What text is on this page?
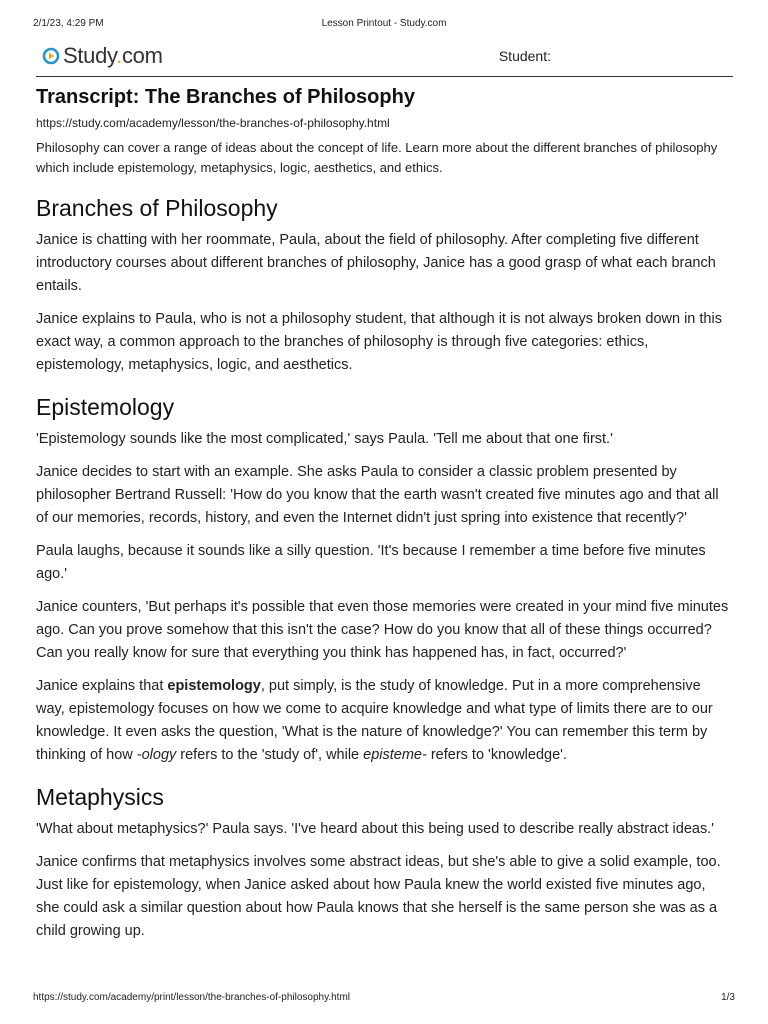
2/1/23, 4:29 PM	Lesson Printout - Study.com
Study.com	Student:
Transcript: The Branches of Philosophy
https://study.com/academy/lesson/the-branches-of-philosophy.html
Philosophy can cover a range of ideas about the concept of life. Learn more about the different branches of philosophy which include epistemology, metaphysics, logic, aesthetics, and ethics.
Branches of Philosophy

Janice is chatting with her roommate, Paula, about the field of philosophy. After completing five different introductory courses about different branches of philosophy, Janice has a good grasp of what each branch entails.

Janice explains to Paula, who is not a philosophy student, that although it is not always broken down in this exact way, a common approach to the branches of philosophy is through five categories: ethics, epistemology, metaphysics, logic, and aesthetics.

Epistemology

'Epistemology sounds like the most complicated,' says Paula. 'Tell me about that one first.'

Janice decides to start with an example. She asks Paula to consider a classic problem presented by philosopher Bertrand Russell: 'How do you know that the earth wasn't created five minutes ago and that all of our memories, records, history, and even the Internet didn't just spring into existence that recently?'

Paula laughs, because it sounds like a silly question. 'It's because I remember a time before five minutes ago.'

Janice counters, 'But perhaps it's possible that even those memories were created in your mind five minutes ago. Can you prove somehow that this isn't the case? How do you know that all of these things occurred? Can you really know for sure that everything you think has happened has, in fact, occurred?'

Janice explains that epistemology, put simply, is the study of knowledge. Put in a more comprehensive way, epistemology focuses on how we come to acquire knowledge and what type of limits there are to our knowledge. It even asks the question, 'What is the nature of knowledge?' You can remember this term by thinking of how -ology refers to the 'study of', while episteme- refers to 'knowledge'.

Metaphysics

'What about metaphysics?' Paula says. 'I've heard about this being used to describe really abstract ideas.'

Janice confirms that metaphysics involves some abstract ideas, but she's able to give a solid example, too. Just like for epistemology, when Janice asked about how Paula knew the world existed five minutes ago, she could ask a similar question about how Paula knows that she herself is the same person she was as a child growing up.

https://study.com/academy/print/lesson/the-branches-of-philosophy.html	1/3
